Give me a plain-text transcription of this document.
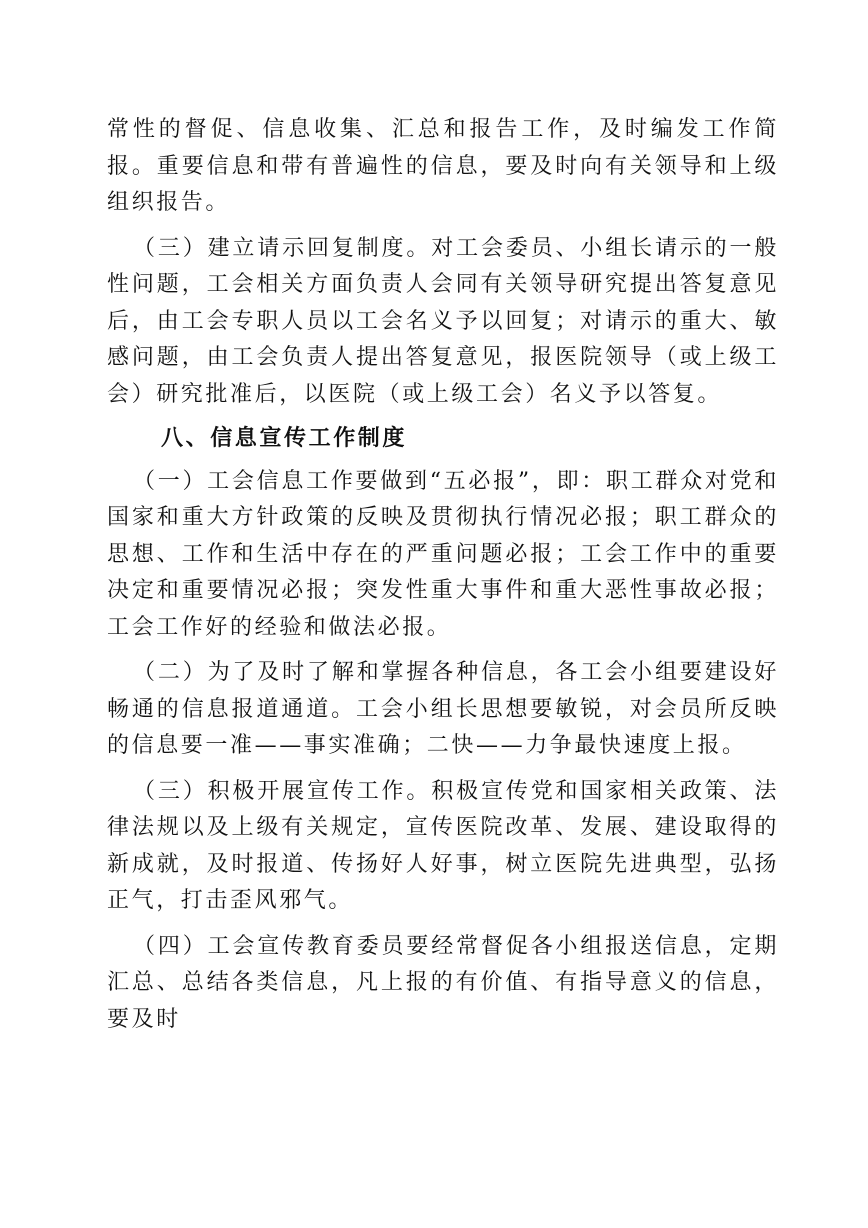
常性的督促、信息收集、汇总和报告工作，及时编发工作简报。重要信息和带有普遍性的信息，要及时向有关领导和上级组织报告。

（三）建立请示回复制度。对工会委员、小组长请示的一般性问题，工会相关方面负责人会同有关领导研究提出答复意见后，由工会专职人员以工会名义予以回复；对请示的重大、敏感问题，由工会负责人提出答复意见，报医院领导（或上级工会）研究批准后，以医院（或上级工会）名义予以答复。

八、信息宣传工作制度

（一）工会信息工作要做到“五必报”，即：职工群众对党和国家和重大方针政策的反映及贯彻执行情况必报；职工群众的思想、工作和生活中存在的严重问题必报；工会工作中的重要决定和重要情况必报；突发性重大事件和重大恶性事故必报；工会工作好的经验和做法必报。

（二）为了及时了解和掌握各种信息，各工会小组要建设好畅通的信息报道通道。工会小组长思想要敏锐，对会员所反映的信息要一准——事实准确；二快——力争最快速度上报。

（三）积极开展宣传工作。积极宣传党和国家相关政策、法律法规以及上级有关规定，宣传医院改革、发展、建设取得的新成就，及时报道、传扬好人好事，树立医院先进典型，弘扬正气，打击歪风邪气。

（四）工会宣传教育委员要经常督促各小组报送信息，定期汇总、总结各类信息，凡上报的有价值、有指导意义的信息，要及时
